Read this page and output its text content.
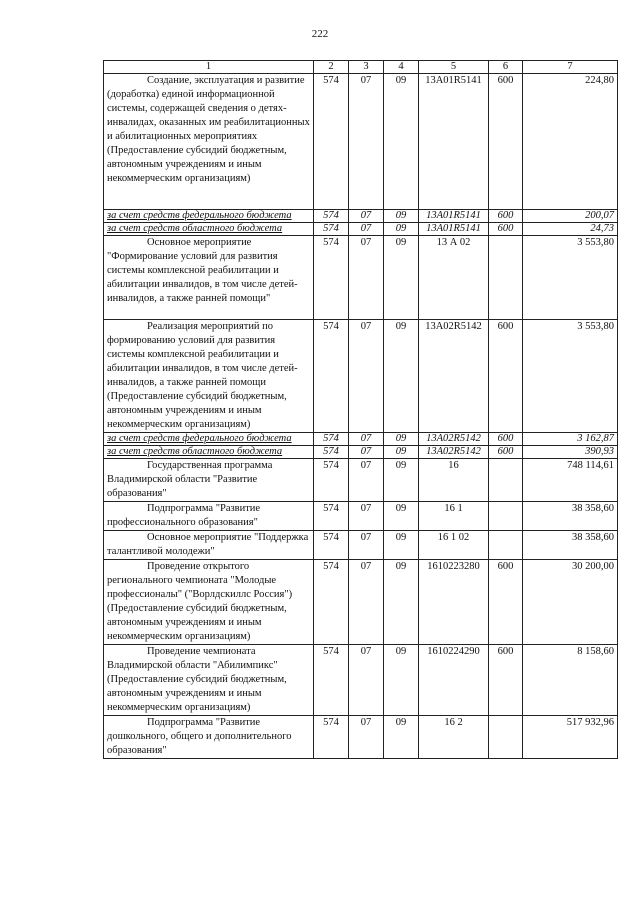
222
1	2	3	4	5	6	7
Создание, эксплуатация и развитие (доработка) единой информационной системы, содержащей сведения о детях-инвалидах, оказанных им реабилитационных и абилитационных мероприятиях (Предоставление субсидий бюджетным, автономным учреждениям и иным некоммерческим организациям)	574	07	09	13А01R5141	600	224,80
за счет средств федерального бюджета	574	07	09	13А01R5141	600	200,07
за счет средств областного бюджета	574	07	09	13А01R5141	600	24,73
Основное мероприятие "Формирование условий для развития системы комплексной реабилитации и абилитации инвалидов, в том числе детей-инвалидов, а также ранней помощи"	574	07	09	13 А 02		3 553,80
Реализация мероприятий по формированию условий для развития системы комплексной реабилитации и абилитации инвалидов, в том числе детей-инвалидов, а также ранней помощи (Предоставление субсидий бюджетным, автономным учреждениям и иным некоммерческим организациям)	574	07	09	13А02R5142	600	3 553,80
за счет средств федерального бюджета	574	07	09	13А02R5142	600	3 162,87
за счет средств областного бюджета	574	07	09	13А02R5142	600	390,93
Государственная программа Владимирской области "Развитие образования"	574	07	09	16		748 114,61
Подпрограмма "Развитие профессионального образования"	574	07	09	16 1		38 358,60
Основное мероприятие "Поддержка талантливой молодежи"	574	07	09	16 1 02		38 358,60
Проведение открытого регионального чемпионата "Молодые профессионалы" ("Ворлдскиллс Россия") (Предоставление субсидий бюджетным, автономным учреждениям и иным некоммерческим организациям)	574	07	09	1610223280	600	30 200,00
Проведение чемпионата Владимирской области "Абилимпикс" (Предоставление субсидий бюджетным, автономным учреждениям и иным некоммерческим организациям)	574	07	09	1610224290	600	8 158,60
Подпрограмма "Развитие дошкольного, общего и дополнительного образования"	574	07	09	16 2		517 932,96
